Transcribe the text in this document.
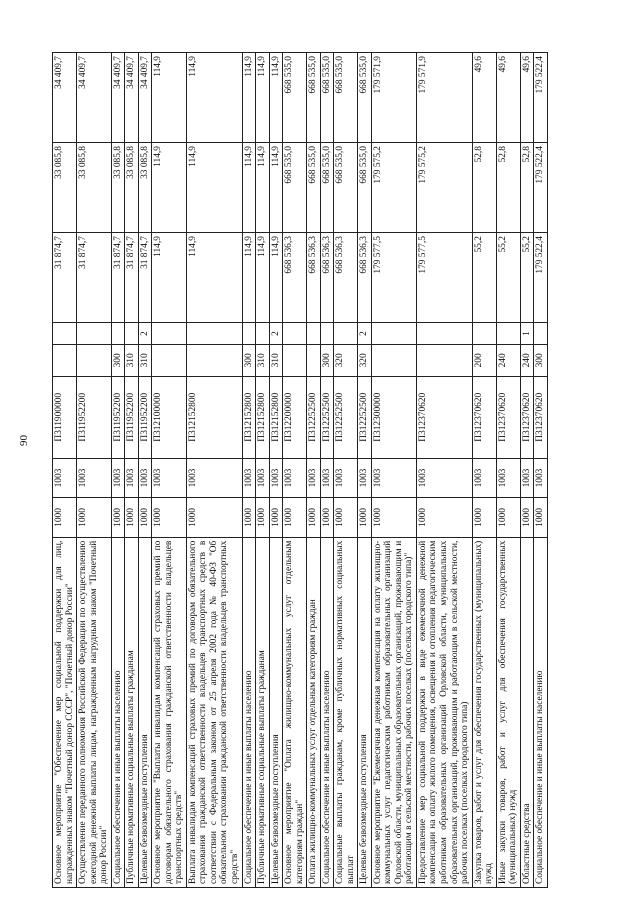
90
Основное мероприятие "Обеспечение мер социальной поддержки для лиц, награжденных знаком "Почетный донор СССР", "Почетный донор России"	1000	1003	П311900000			31 874,7	33 085,8	34 409,7
Осуществление переданного полномочия Российской Федерации по осуществлению ежегодной денежной выплаты лицам, награжденным нагрудным знаком "Почетный донор России"	1000	1003	П311952200			31 874,7	33 085,8	34 409,7
Социальное обеспечение и иные выплаты населению	1000	1003	П311952200	300		31 874,7	33 085,8	34 409,7
Публичные нормативные социальные выплаты гражданам	1000	1003	П311952200	310		31 874,7	33 085,8	34 409,7
Целевые безвозмездные поступления	1000	1003	П311952200	310	2	31 874,7	33 085,8	34 409,7
Основное мероприятие "Выплаты инвалидам компенсаций страховых премий по договорам обязательного страхования гражданской ответственности владельцев транспортных средств"	1000	1003	П312100000			114,9	114,9	114,9
Выплата инвалидам компенсаций страховых премий по договорам обязательного страхования гражданской ответственности владельцев транспортных средств в соответствии с Федеральным законом от 25 апреля 2002 года № 40-ФЗ "Об обязательном страховании гражданской ответственности владельцев транспортных средств"	1000	1003	П312152800			114,9	114,9	114,9
Социальное обеспечение и иные выплаты населению	1000	1003	П312152800	300		114,9	114,9	114,9
Публичные нормативные социальные выплаты гражданам	1000	1003	П312152800	310		114,9	114,9	114,9
Целевые безвозмездные поступления	1000	1003	П312152800	310	2	114,9	114,9	114,9
Основное мероприятие "Оплата жилищно-коммунальных услуг отдельным категориям граждан"	1000	1003	П312200000			668 536,3	668 535,0	668 535,0
Оплата жилищно-коммунальных услуг отдельным категориям граждан	1000	1003	П312252500			668 536,3	668 535,0	668 535,0
Социальное обеспечение и иные выплаты населению	1000	1003	П312252500	300		668 536,3	668 535,0	668 535,0
Социальные выплаты гражданам, кроме публичных нормативных социальных выплат	1000	1003	П312252500	320		668 536,3	668 535,0	668 535,0
Целевые безвозмездные поступления	1000	1003	П312252500	320	2	668 536,3	668 535,0	668 535,0
Основное мероприятие "Ежемесячная денежная компенсация на оплату жилищно-коммунальных услуг педагогическим работникам образовательных организаций Орловской области, муниципальных образовательных организаций, проживающим и работающим в сельской местности, рабочих поселках (поселках городского типа)"	1000	1003	П312300000			179 577,5	179 575,2	179 571,9
Предоставление мер социальной поддержки в виде ежемесячной денежной компенсации на оплату жилого помещения, освещения и отопления педагогическим работникам образовательных организаций Орловской области, муниципальных образовательных организаций, проживающим и работающим в сельской местности, рабочих поселках (поселках городского типа)	1000	1003	П312370620			179 577,5	179 575,2	179 571,9
Закупка товаров, работ и услуг для обеспечения государственных (муниципальных) нужд	1000	1003	П312370620	200		55,2	52,8	49,6
Иные закупки товаров, работ и услуг для обеспечения государственных (муниципальных) нужд	1000	1003	П312370620	240		55,2	52,8	49,6
Областные средства	1000	1003	П312370620	240	1	55,2	52,8	49,6
Социальное обеспечение и иные выплаты населению	1000	1003	П312370620	300		179 522,4	179 522,4	179 522,4
